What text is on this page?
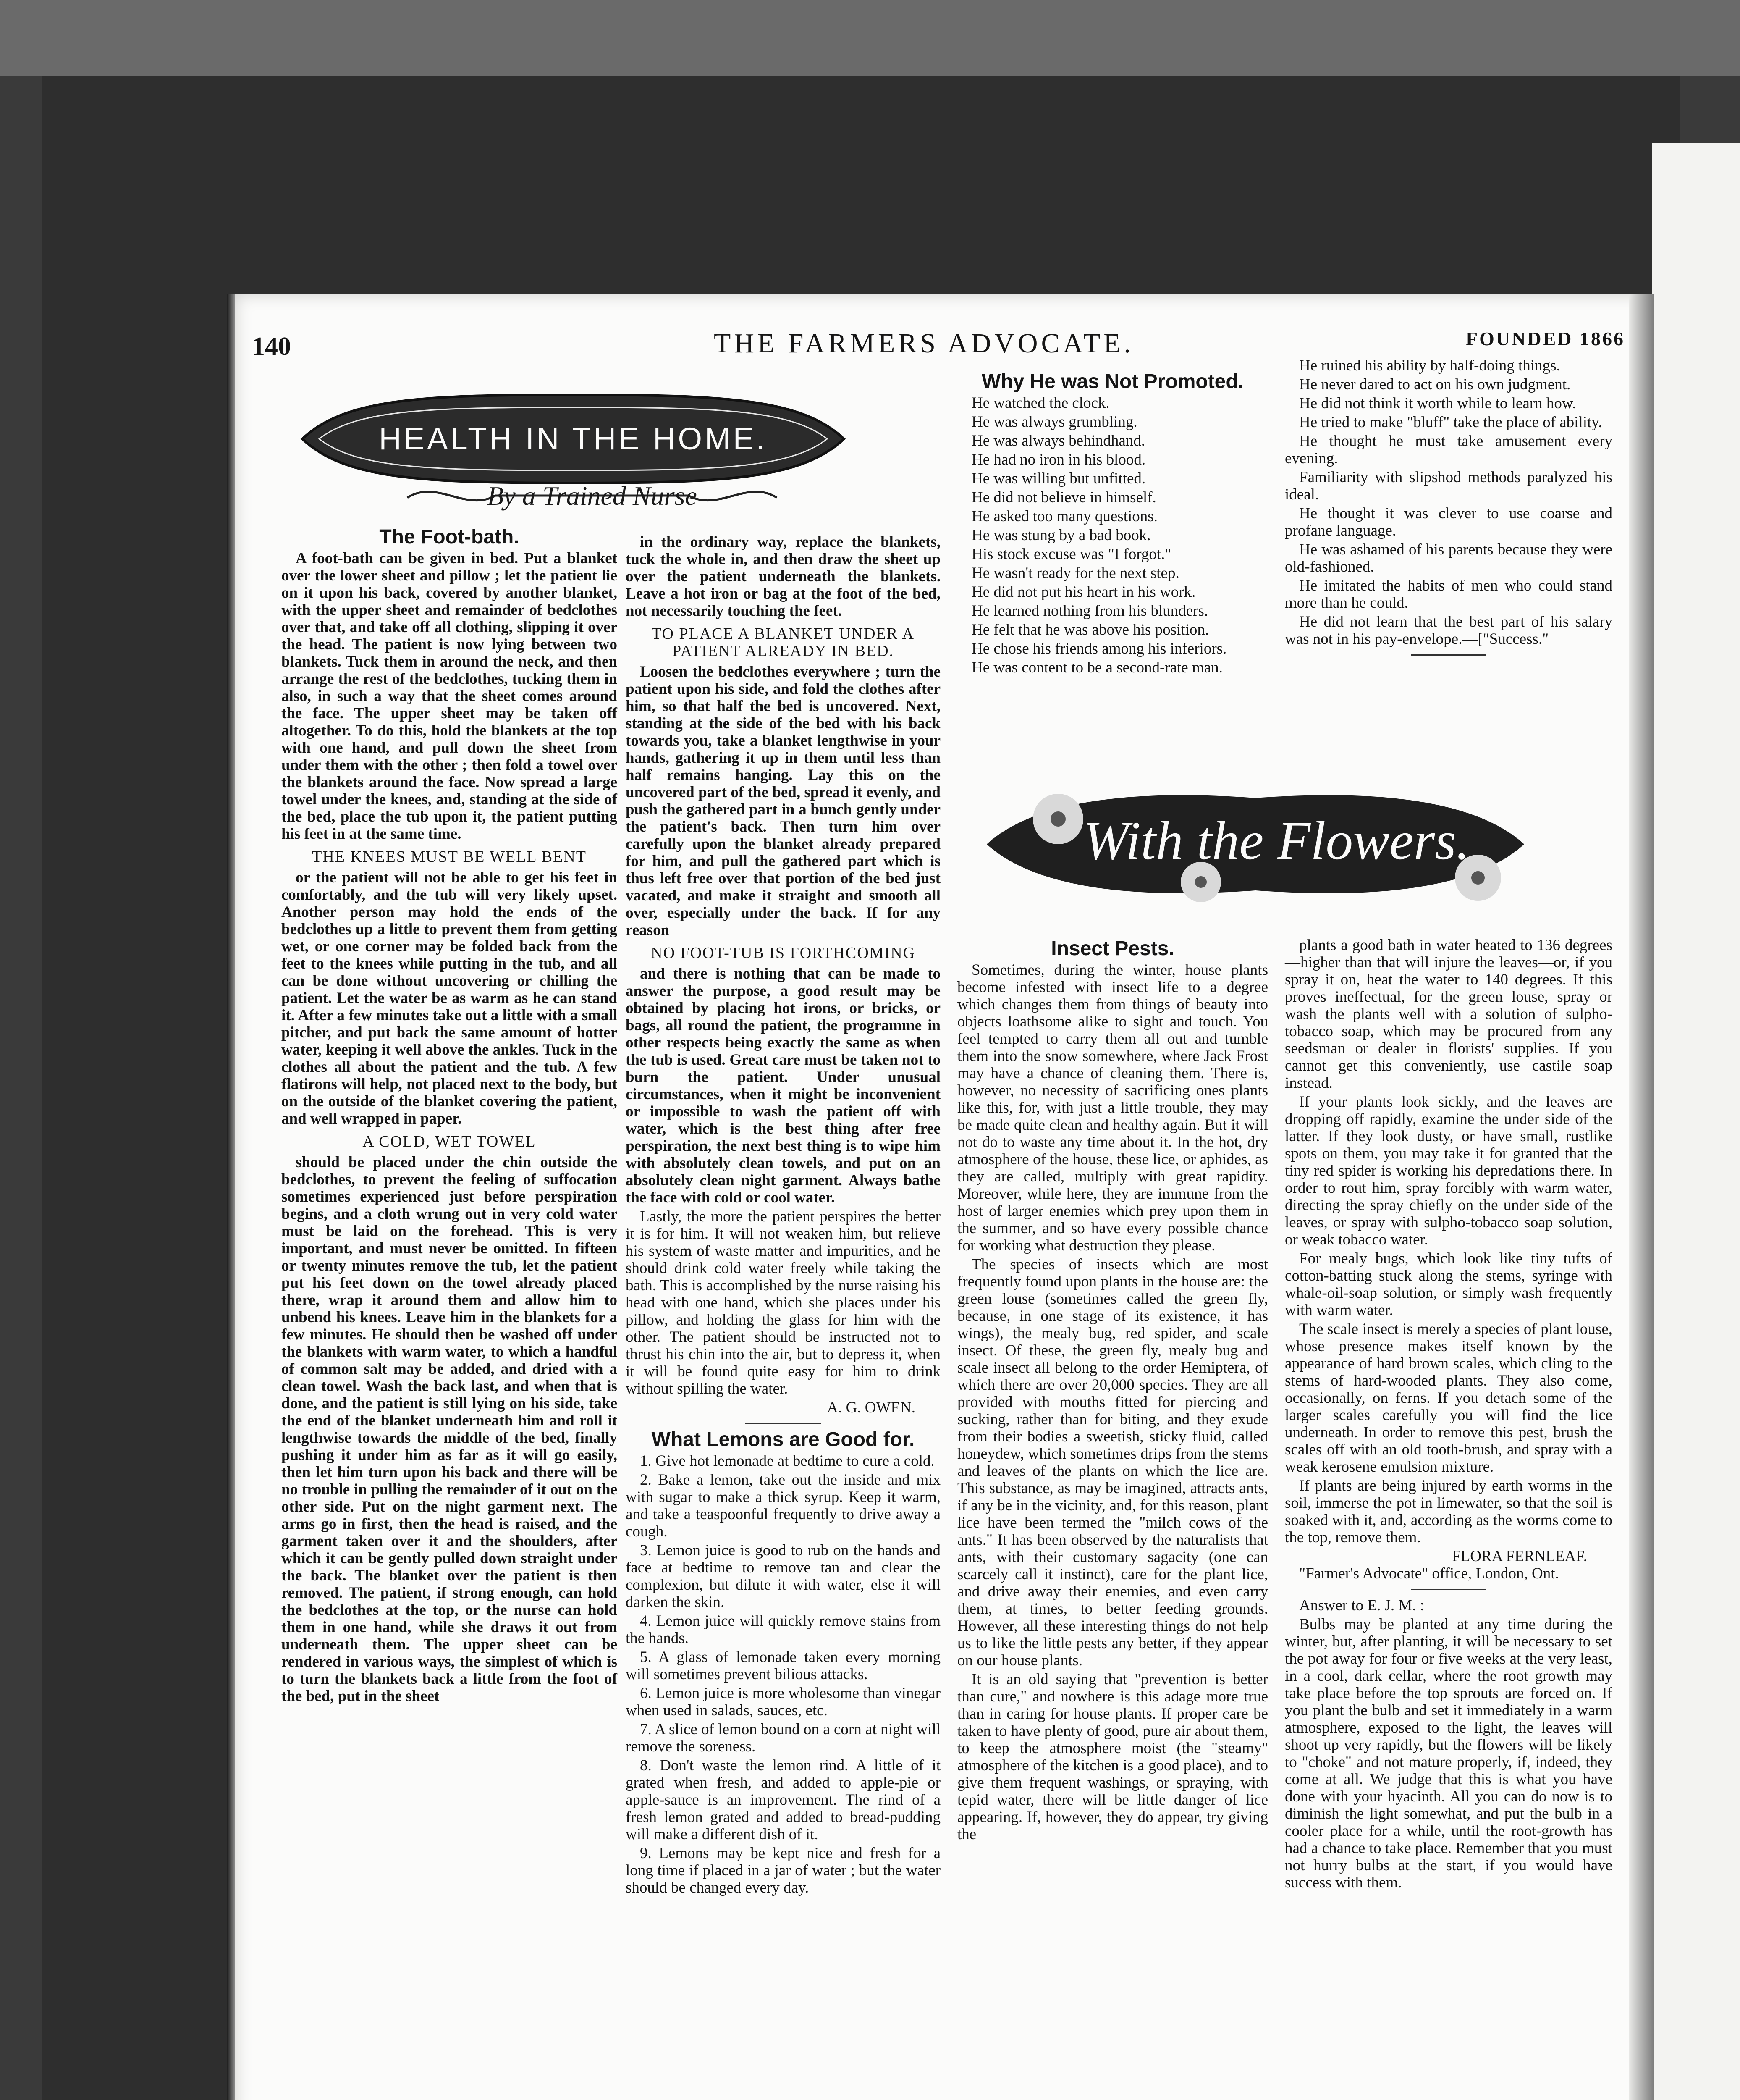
140	THE FARMERS ADVOCATE.	FOUNDED 1866
HEALTH IN THE HOME.
By a Trained Nurse
The Foot-bath.

A foot-bath can be given in bed. Put a blanket over the lower sheet and pillow ; let the patient lie on it upon his back, covered by another blanket, with the upper sheet and remainder of bedclothes over that, and take off all clothing, slipping it over the head. The patient is now lying between two blankets. Tuck them in around the neck, and then arrange the rest of the bedclothes, tucking them in also, in such a way that the sheet comes around the face. The upper sheet may be taken off altogether. To do this, hold the blankets at the top with one hand, and pull down the sheet from under them with the other ; then fold a towel over the blankets around the face. Now spread a large towel under the knees, and, standing at the side of the bed, place the tub upon it, the patient putting his feet in at the same time.

THE KNEES MUST BE WELL BENT

or the patient will not be able to get his feet in comfortably, and the tub will very likely upset. Another person may hold the ends of the bedclothes up a little to prevent them from getting wet, or one corner may be folded back from the feet to the knees while putting in the tub, and all can be done without uncovering or chilling the patient. Let the water be as warm as he can stand it. After a few minutes take out a little with a small pitcher, and put back the same amount of hotter water, keeping it well above the ankles. Tuck in the clothes all about the patient and the tub. A few flatirons will help, not placed next to the body, but on the outside of the blanket covering the patient, and well wrapped in paper.

A COLD, WET TOWEL

should be placed under the chin outside the bedclothes, to prevent the feeling of suffocation sometimes experienced just before perspiration begins, and a cloth wrung out in very cold water must be laid on the forehead. This is very important, and must never be omitted. In fifteen or twenty minutes remove the tub, let the patient put his feet down on the towel already placed there, wrap it around them and allow him to unbend his knees. Leave him in the blankets for a few minutes. He should then be washed off under the blankets with warm water, to which a handful of common salt may be added, and dried with a clean towel. Wash the back last, and when that is done, and the patient is still lying on his side, take the end of the blanket underneath him and roll it lengthwise towards the middle of the bed, finally pushing it under him as far as it will go easily, then let him turn upon his back and there will be no trouble in pulling the remainder of it out on the other side. Put on the night garment next. The arms go in first, then the head is raised, and the garment taken over it and the shoulders, after which it can be gently pulled down straight under the back. The blanket over the patient is then removed. The patient, if strong enough, can hold the bedclothes at the top, or the nurse can hold them in one hand, while she draws it out from underneath them. The upper sheet can be rendered in various ways, the simplest of which is to turn the blankets back a little from the foot of the bed, put in the sheet

in the ordinary way, replace the blankets, tuck the whole in, and then draw the sheet up over the patient underneath the blankets. Leave a hot iron or bag at the foot of the bed, not necessarily touching the feet.

TO PLACE A BLANKET UNDER A PATIENT ALREADY IN BED.

Loosen the bedclothes everywhere ; turn the patient upon his side, and fold the clothes after him, so that half the bed is uncovered. Next, standing at the side of the bed with his back towards you, take a blanket lengthwise in your hands, gathering it up in them until less than half remains hanging. Lay this on the uncovered part of the bed, spread it evenly, and push the gathered part in a bunch gently under the patient's back. Then turn him over carefully upon the blanket already prepared for him, and pull the gathered part which is thus left free over that portion of the bed just vacated, and make it straight and smooth all over, especially under the back. If for any reason

NO FOOT-TUB IS FORTHCOMING

and there is nothing that can be made to answer the purpose, a good result may be obtained by placing hot irons, or bricks, or bags, all round the patient, the programme in other respects being exactly the same as when the tub is used. Great care must be taken not to burn the patient. Under unusual circumstances, when it might be inconvenient or impossible to wash the patient off with water, which is the best thing after free perspiration, the next best thing is to wipe him with absolutely clean towels, and put on an absolutely clean night garment. Always bathe the face with cold or cool water.

Lastly, the more the patient perspires the better it is for him. It will not weaken him, but relieve his system of waste matter and impurities, and he should drink cold water freely while taking the bath. This is accomplished by the nurse raising his head with one hand, which she places under his pillow, and holding the glass for him with the other. The patient should be instructed not to thrust his chin into the air, but to depress it, when it will be found quite easy for him to drink without spilling the water.

A. G. OWEN.
What Lemons are Good for.

1. Give hot lemonade at bedtime to cure a cold.

2. Bake a lemon, take out the inside and mix with sugar to make a thick syrup. Keep it warm, and take a teaspoonful frequently to drive away a cough.

3. Lemon juice is good to rub on the hands and face at bedtime to remove tan and clear the complexion, but dilute it with water, else it will darken the skin.

4. Lemon juice will quickly remove stains from the hands.

5. A glass of lemonade taken every morning will sometimes prevent bilious attacks.

6. Lemon juice is more wholesome than vinegar when used in salads, sauces, etc.

7. A slice of lemon bound on a corn at night will remove the soreness.

8. Don't waste the lemon rind. A little of it grated when fresh, and added to apple-pie or apple-sauce is an improvement. The rind of a fresh lemon grated and added to bread-pudding will make a different dish of it.

9. Lemons may be kept nice and fresh for a long time if placed in a jar of water ; but the water should be changed every day.

Why He was Not Promoted.

He watched the clock.

He was always grumbling.

He was always behindhand.

He had no iron in his blood.

He was willing but unfitted.

He did not believe in himself.

He asked too many questions.

He was stung by a bad book.

His stock excuse was "I forgot."

He wasn't ready for the next step.

He did not put his heart in his work.

He learned nothing from his blunders.

He felt that he was above his position.

He chose his friends among his inferiors.

He was content to be a second-rate man.

With the Flowers.
Insect Pests.

Sometimes, during the winter, house plants become infested with insect life to a degree which changes them from things of beauty into objects loathsome alike to sight and touch. You feel tempted to carry them all out and tumble them into the snow somewhere, where Jack Frost may have a chance of cleaning them. There is, however, no necessity of sacrificing ones plants like this, for, with just a little trouble, they may be made quite clean and healthy again. But it will not do to waste any time about it. In the hot, dry atmosphere of the house, these lice, or aphides, as they are called, multiply with great rapidity. Moreover, while here, they are immune from the host of larger enemies which prey upon them in the summer, and so have every possible chance for working what destruction they please.

The species of insects which are most frequently found upon plants in the house are: the green louse (sometimes called the green fly, because, in one stage of its existence, it has wings), the mealy bug, red spider, and scale insect. Of these, the green fly, mealy bug and scale insect all belong to the order Hemiptera, of which there are over 20,000 species. They are all provided with mouths fitted for piercing and sucking, rather than for biting, and they exude from their bodies a sweetish, sticky fluid, called honeydew, which sometimes drips from the stems and leaves of the plants on which the lice are. This substance, as may be imagined, attracts ants, if any be in the vicinity, and, for this reason, plant lice have been termed the "milch cows of the ants." It has been observed by the naturalists that ants, with their customary sagacity (one can scarcely call it instinct), care for the plant lice, and drive away their enemies, and even carry them, at times, to better feeding grounds. However, all these interesting things do not help us to like the little pests any better, if they appear on our house plants.

It is an old saying that "prevention is better than cure," and nowhere is this adage more true than in caring for house plants. If proper care be taken to have plenty of good, pure air about them, to keep the atmosphere moist (the "steamy" atmosphere of the kitchen is a good place), and to give them frequent washings, or spraying, with tepid water, there will be little danger of lice appearing. If, however, they do appear, try giving the

He ruined his ability by half-doing things.

He never dared to act on his own judgment.

He did not think it worth while to learn how.

He tried to make "bluff" take the place of ability.

He thought he must take amusement every evening.

Familiarity with slipshod methods paralyzed his ideal.

He thought it was clever to use coarse and profane language.

He was ashamed of his parents because they were old-fashioned.

He imitated the habits of men who could stand more than he could.

He did not learn that the best part of his salary was not in his pay-envelope.—["Success."

plants a good bath in water heated to 136 degrees—higher than that will injure the leaves—or, if you spray it on, heat the water to 140 degrees. If this proves ineffectual, for the green louse, spray or wash the plants well with a solution of sulpho-tobacco soap, which may be procured from any seedsman or dealer in florists' supplies. If you cannot get this conveniently, use castile soap instead.

If your plants look sickly, and the leaves are dropping off rapidly, examine the under side of the latter. If they look dusty, or have small, rustlike spots on them, you may take it for granted that the tiny red spider is working his depredations there. In order to rout him, spray forcibly with warm water, directing the spray chiefly on the under side of the leaves, or spray with sulpho-tobacco soap solution, or weak tobacco water.

For mealy bugs, which look like tiny tufts of cotton-batting stuck along the stems, syringe with whale-oil-soap solution, or simply wash frequently with warm water.

The scale insect is merely a species of plant louse, whose presence makes itself known by the appearance of hard brown scales, which cling to the stems of hard-wooded plants. They also come, occasionally, on ferns. If you detach some of the larger scales carefully you will find the lice underneath. In order to remove this pest, brush the scales off with an old tooth-brush, and spray with a weak kerosene emulsion mixture.

If plants are being injured by earth worms in the soil, immerse the pot in limewater, so that the soil is soaked with it, and, according as the worms come to the top, remove them.

FLORA FERNLEAF.

"Farmer's Advocate" office, London, Ont.

Answer to E. J. M. :

Bulbs may be planted at any time during the winter, but, after planting, it will be necessary to set the pot away for four or five weeks at the very least, in a cool, dark cellar, where the root growth may take place before the top sprouts are forced on. If you plant the bulb and set it immediately in a warm atmosphere, exposed to the light, the leaves will shoot up very rapidly, but the flowers will be likely to "choke" and not mature properly, if, indeed, they come at all. We judge that this is what you have done with your hyacinth. All you can do now is to diminish the light somewhat, and put the bulb in a cooler place for a while, until the root-growth has had a chance to take place. Remember that you must not hurry bulbs at the start, if you would have success with them.
